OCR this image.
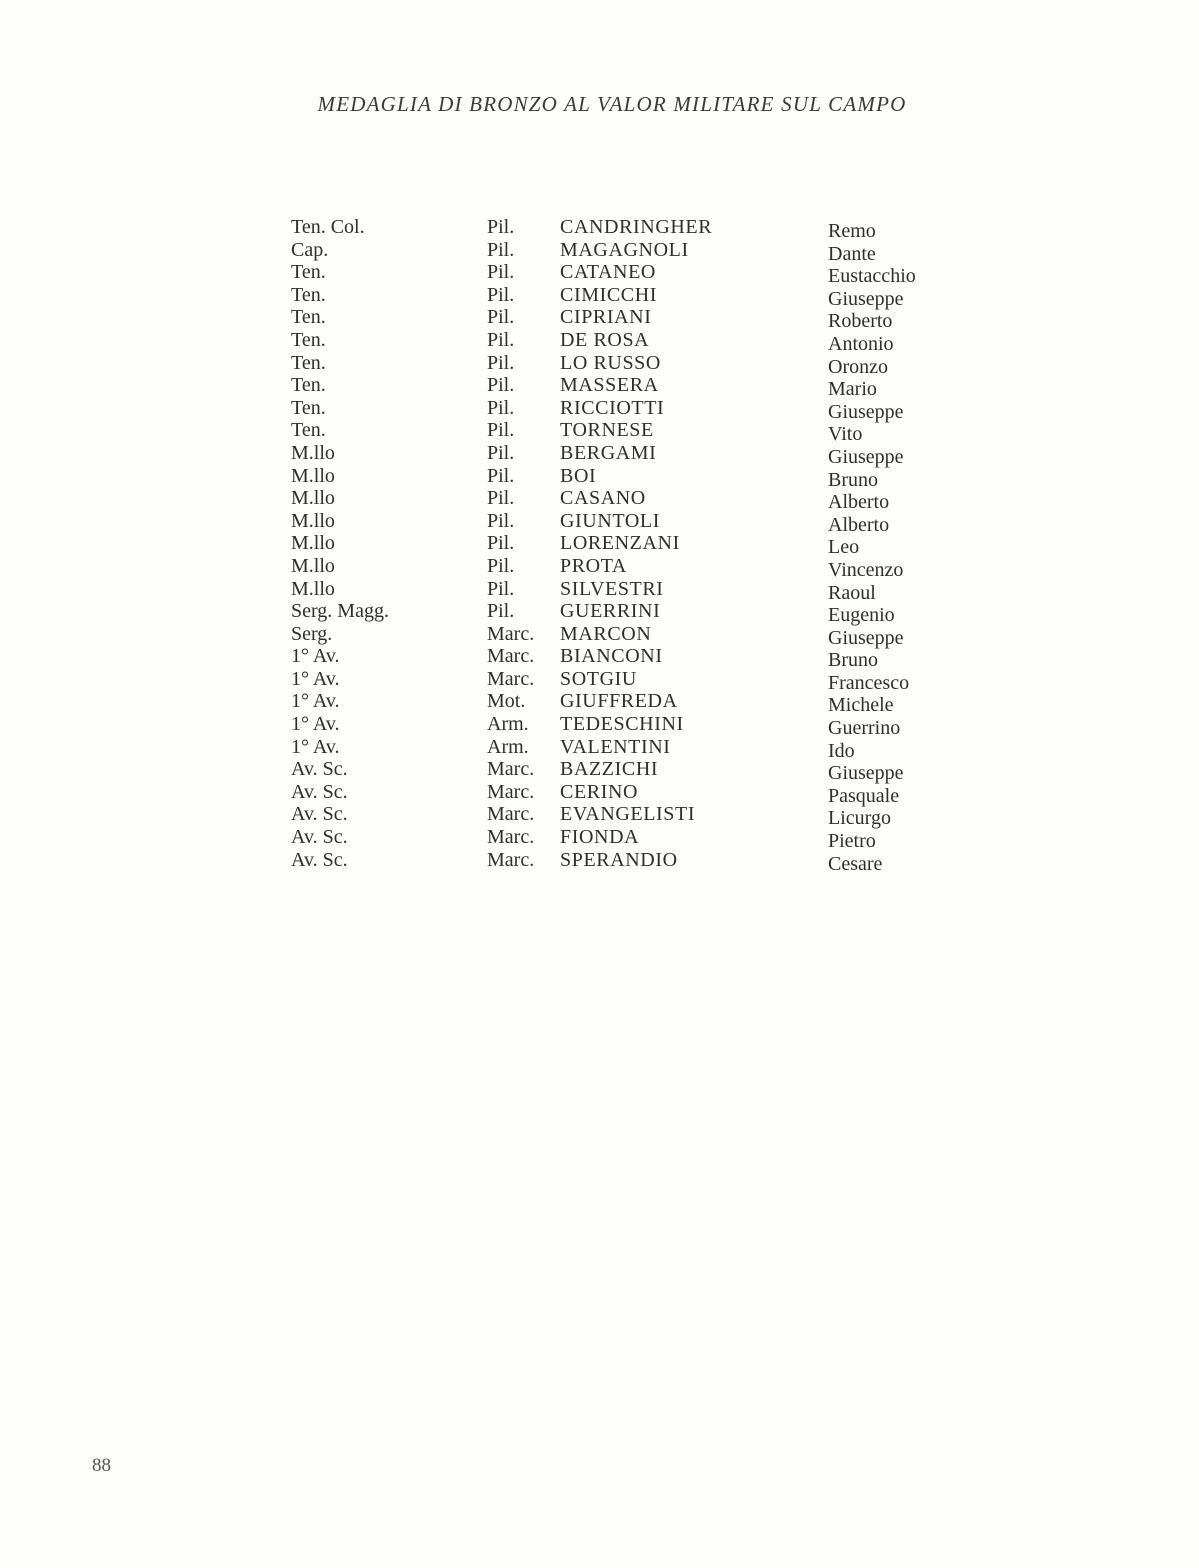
MEDAGLIA DI BRONZO AL VALOR MILITARE SUL CAMPO
Ten. Col.	Pil. CANDRINGHER	Remo
Cap.	Pil. MAGAGNOLI	Dante
Ten.	Pil. CATANEO	Eustacchio
Ten.	Pil. CIMICCHI	Giuseppe
Ten.	Pil. CIPRIANI	Roberto
Ten.	Pil. DE ROSA	Antonio
Ten.	Pil. LO RUSSO	Oronzo
Ten.	Pil. MASSERA	Mario
Ten.	Pil. RICCIOTTI	Giuseppe
Ten.	Pil. TORNESE	Vito
M.llo	Pil. BERGAMI	Giuseppe
M.llo	Pil. BOI	Bruno
M.llo	Pil. CASANO	Alberto
M.llo	Pil. GIUNTOLI	Alberto
M.llo	Pil. LORENZANI	Leo
M.llo	Pil. PROTA	Vincenzo
M.llo	Pil. SILVESTRI	Raoul
Serg. Magg.	Pil. GUERRINI	Eugenio
Serg.	Marc. MARCON	Giuseppe
1° Av.	Marc. BIANCONI	Bruno
1° Av.	Marc. SOTGIU	Francesco
1° Av.	Mot. GIUFFREDA	Michele
1° Av.	Arm. TEDESCHINI	Guerrino
1° Av.	Arm. VALENTINI	Ido
Av. Sc.	Marc. BAZZICHI	Giuseppe
Av. Sc.	Marc. CERINO	Pasquale
Av. Sc.	Marc. EVANGELISTI	Licurgo
Av. Sc.	Marc. FIONDA	Pietro
Av. Sc.	Marc. SPERANDIO	Cesare
88
